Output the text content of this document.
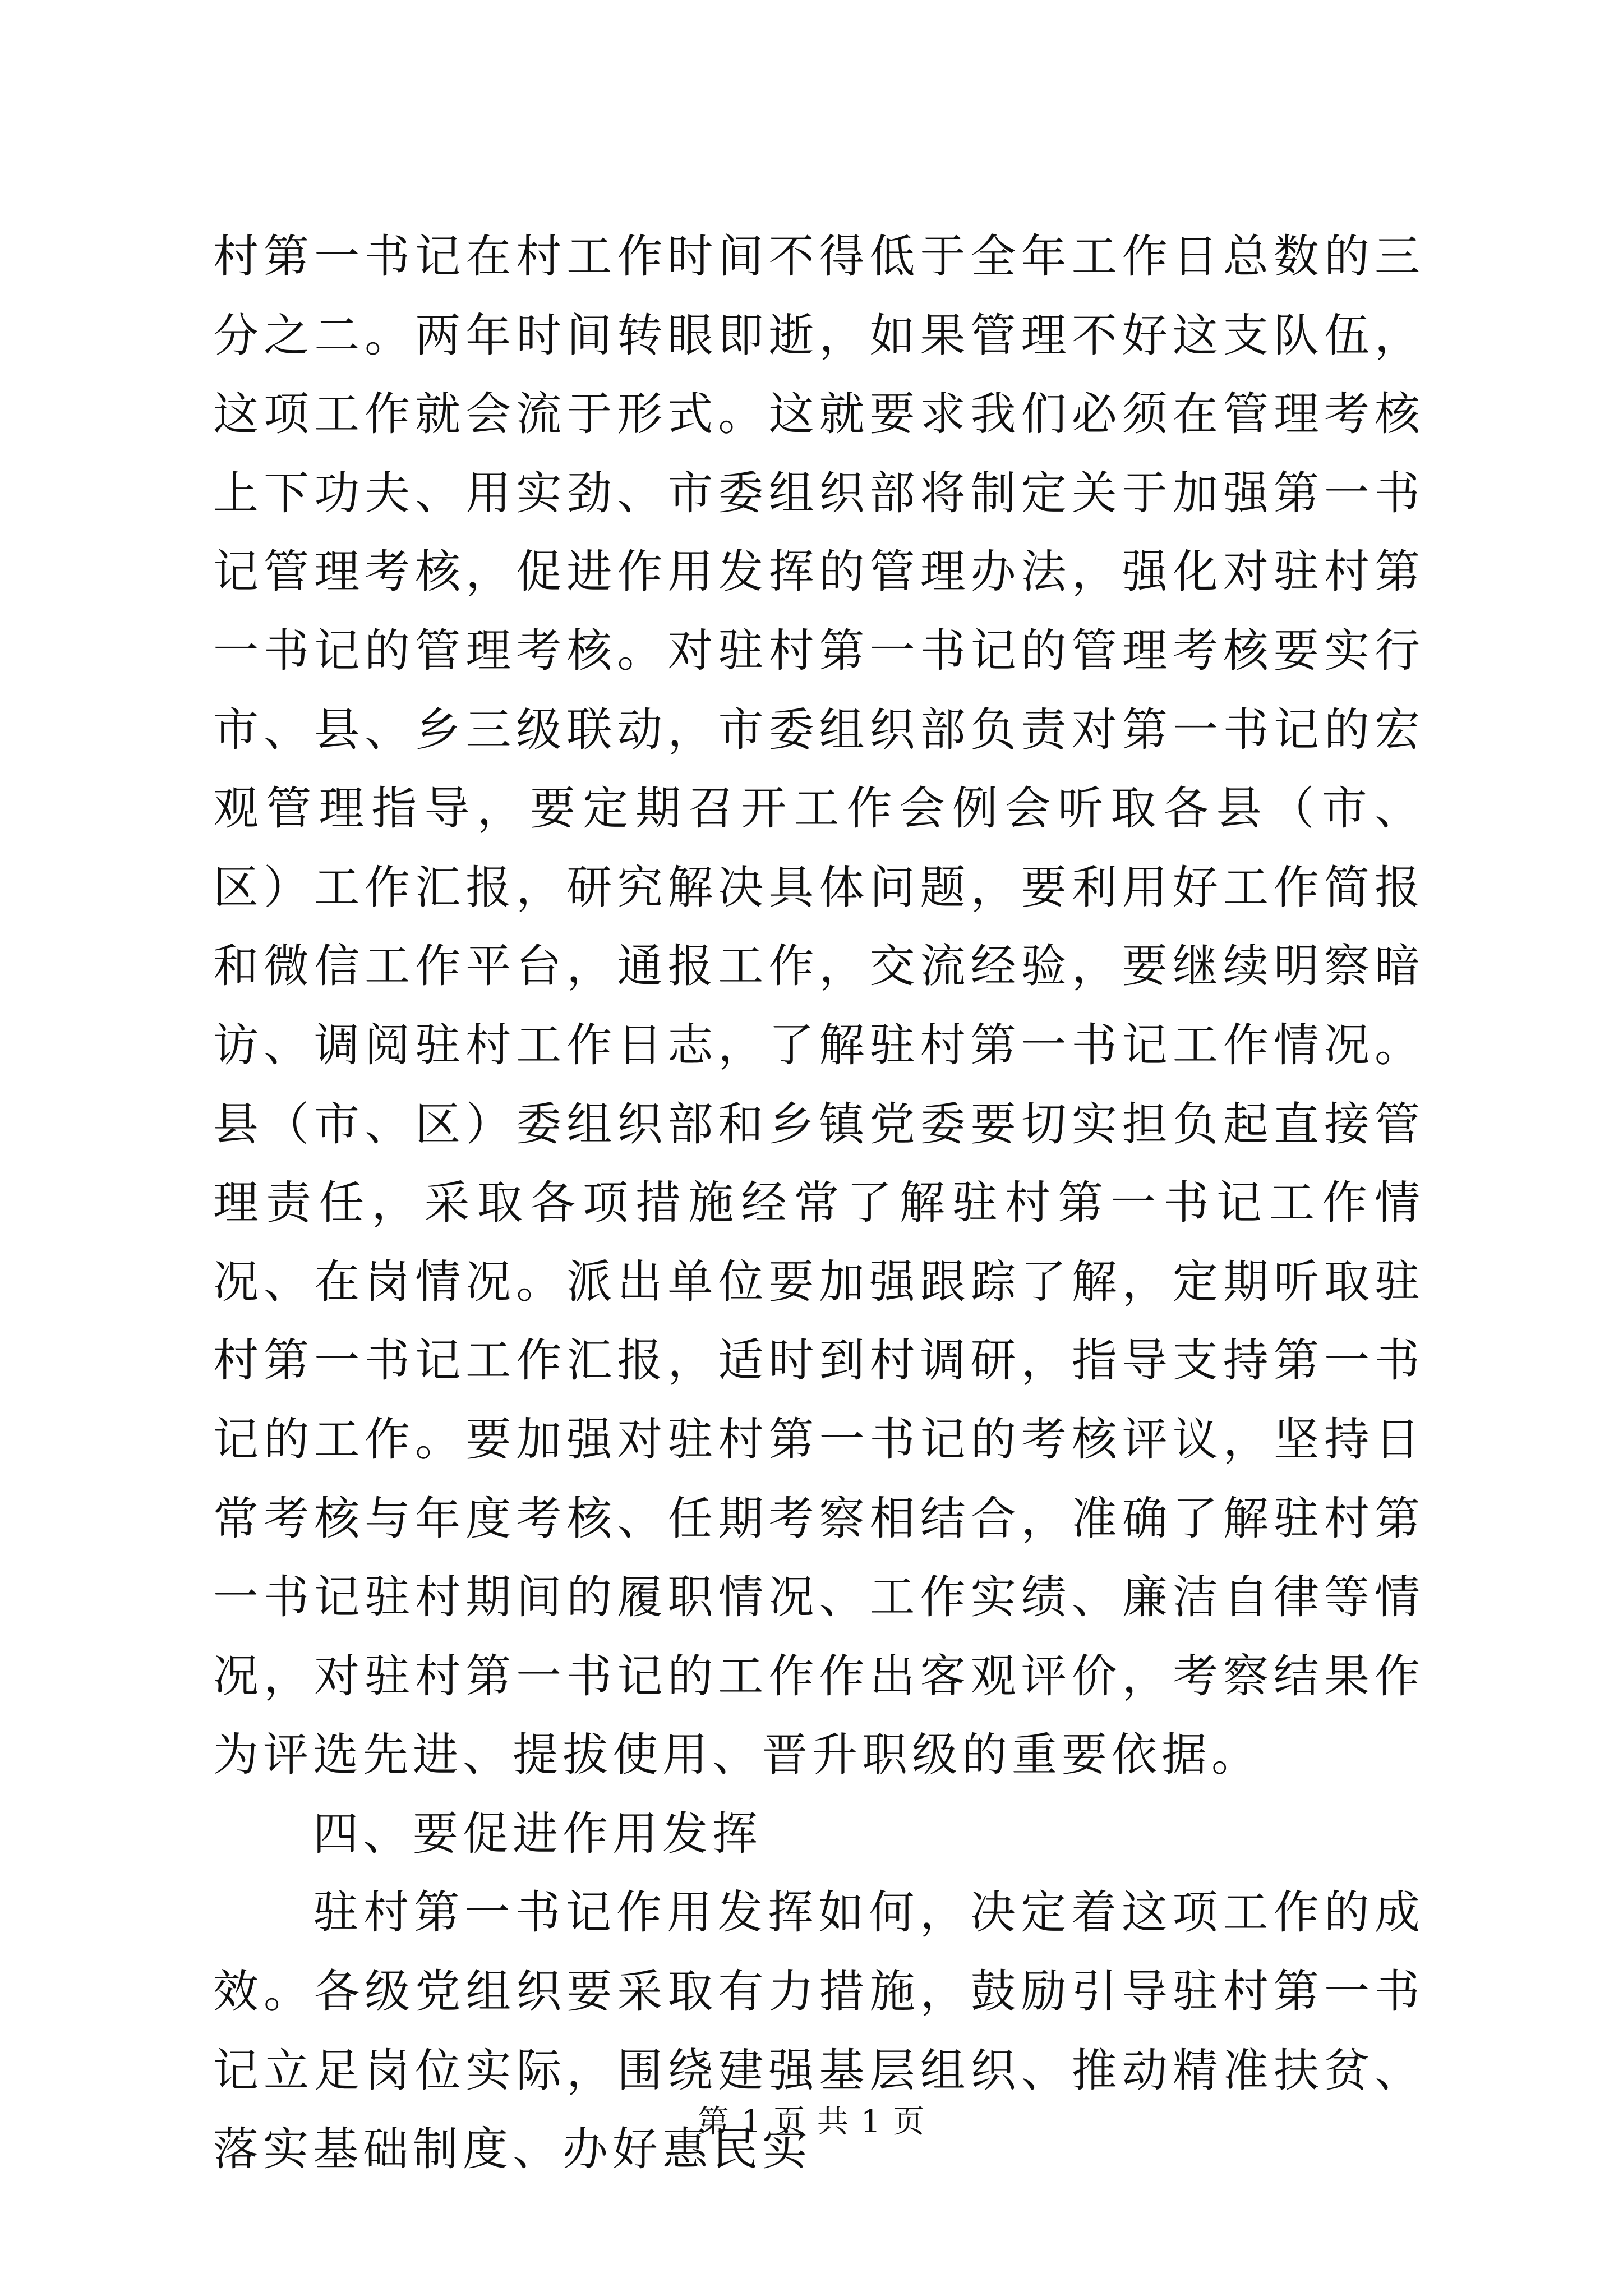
村第一书记在村工作时间不得低于全年工作日总数的三分之二。两年时间转眼即逝，如果管理不好这支队伍，这项工作就会流于形式。这就要求我们必须在管理考核上下功夫、用实劲、市委组织部将制定关于加强第一书记管理考核，促进作用发挥的管理办法，强化对驻村第一书记的管理考核。对驻村第一书记的管理考核要实行市、县、乡三级联动，市委组织部负责对第一书记的宏观管理指导，要定期召开工作会例会听取各县（市、区）工作汇报，研究解决具体问题，要利用好工作简报和微信工作平台，通报工作，交流经验，要继续明察暗访、调阅驻村工作日志，了解驻村第一书记工作情况。县（市、区）委组织部和乡镇党委要切实担负起直接管理责任，采取各项措施经常了解驻村第一书记工作情况、在岗情况。派出单位要加强跟踪了解，定期听取驻村第一书记工作汇报，适时到村调研，指导支持第一书记的工作。要加强对驻村第一书记的考核评议，坚持日常考核与年度考核、任期考察相结合，准确了解驻村第一书记驻村期间的履职情况、工作实绩、廉洁自律等情况，对驻村第一书记的工作作出客观评价，考察结果作为评选先进、提拔使用、晋升职级的重要依据。

四、要促进作用发挥

驻村第一书记作用发挥如何，决定着这项工作的成效。各级党组织要采取有力措施，鼓励引导驻村第一书记立足岗位实际，围绕建强基层组织、推动精准扶贫、落实基础制度、办好惠民实

第 1 页 共 1 页
